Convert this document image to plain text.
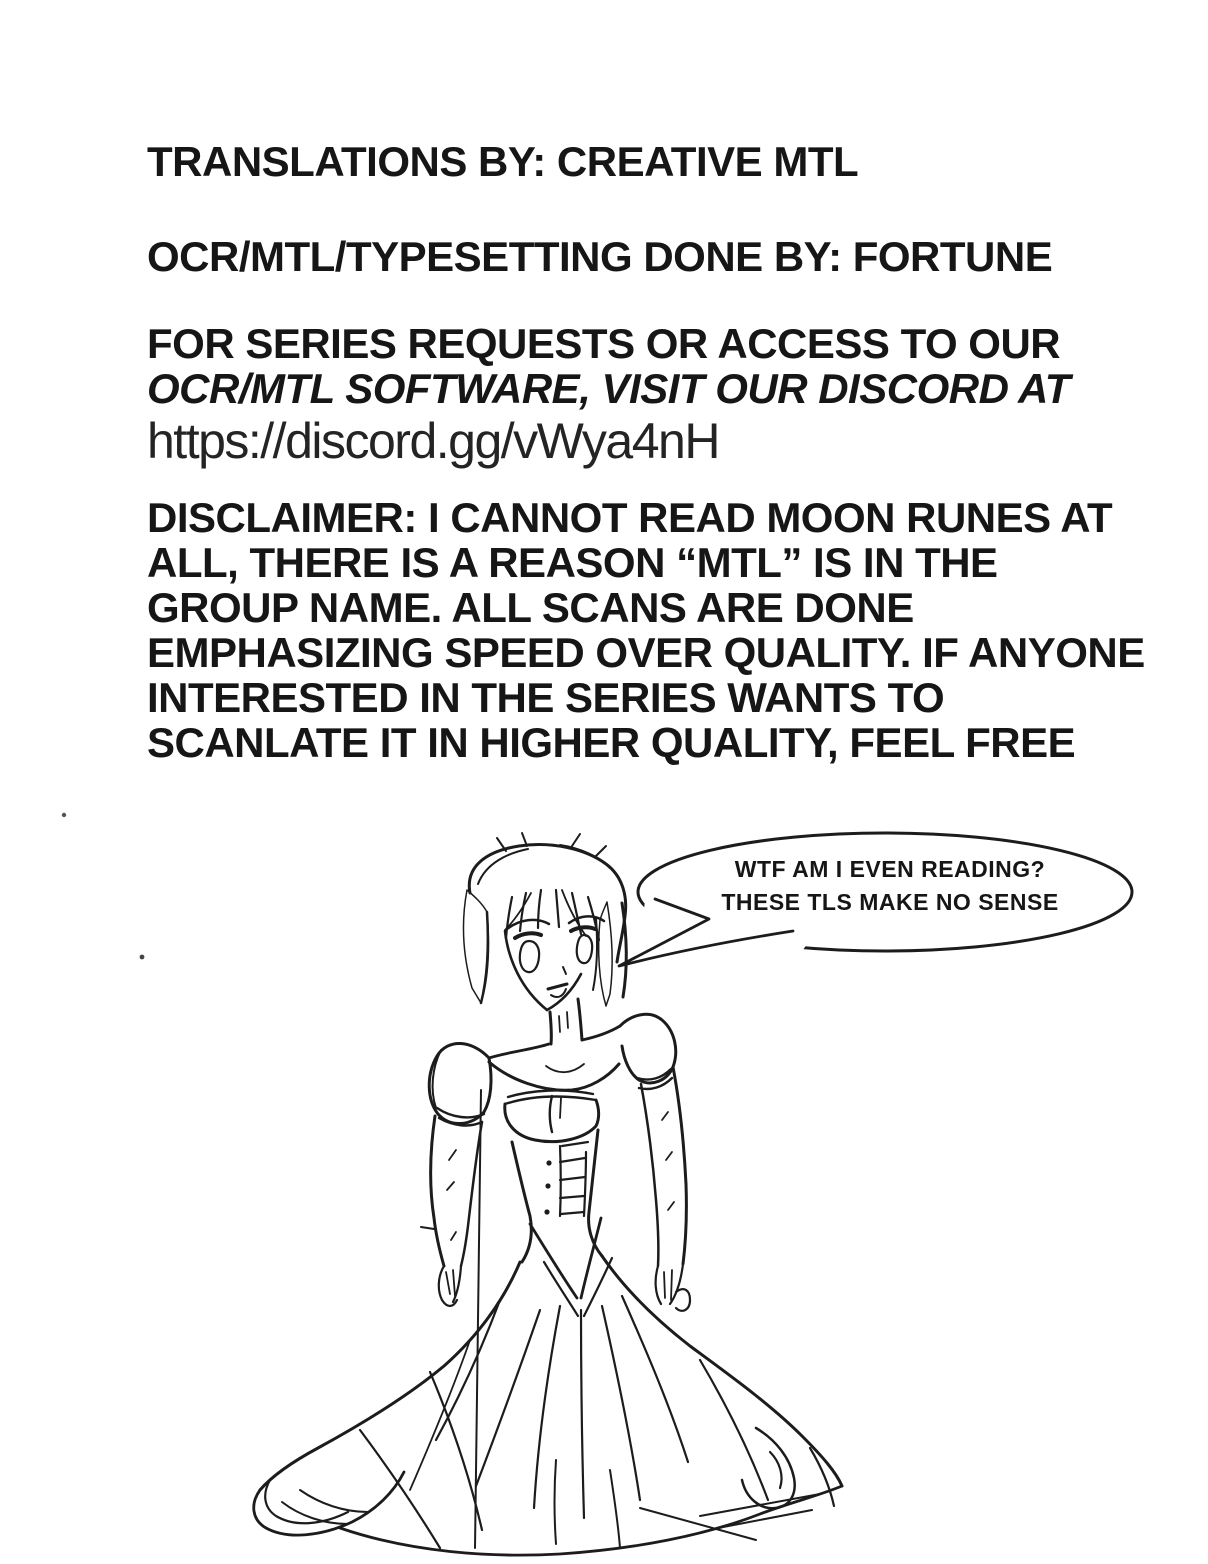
TRANSLATIONS BY: CREATIVE MTL
OCR/MTL/TYPESETTING DONE BY: FORTUNE
FOR SERIES REQUESTS OR ACCESS TO OUR
OCR/MTL SOFTWARE, VISIT OUR DISCORD AT
https://discord.gg/vWya4nH
DISCLAIMER: I CANNOT READ MOON RUNES AT
ALL, THERE IS A REASON “MTL” IS IN THE
GROUP NAME. ALL SCANS ARE DONE
EMPHASIZING SPEED OVER QUALITY. IF ANYONE
INTERESTED IN THE SERIES WANTS TO
SCANLATE IT IN HIGHER QUALITY, FEEL FREE
WTF AM I EVEN READING?
THESE TLS MAKE NO SENSE
